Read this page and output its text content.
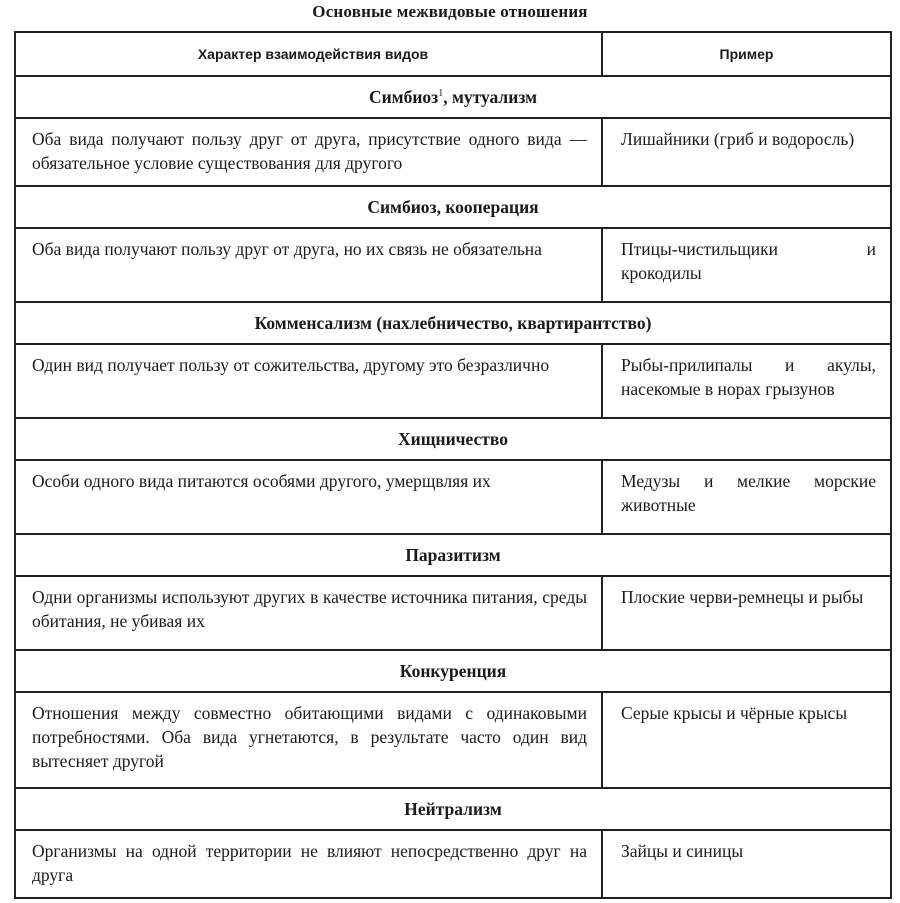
Основные межвидовые отношения
Характер взаимодействия видов	Пример
Симбиоз$^1$, мутуализм	
Оба вида получают пользу друг от друга, присутствие одного вида — обязательное условие существования для другого	Лишайники (гриб и водоросль)
Симбиоз, кооперация	
Оба вида получают пользу друг от друга, но их связь не обязательна	Птицы-чистильщики и крокодилы
Комменсализм (нахлебничество, квартирантство)	
Один вид получает пользу от сожительства, другому это безразлично	Рыбы-прилипалы и акулы, насекомые в норах грызунов
Хищничество	
Особи одного вида питаются особями другого, умерщвляя их	Медузы и мелкие морские животные
Паразитизм	
Одни организмы используют других в качестве источника питания, среды обитания, не убивая их	Плоские черви-ремнецы и рыбы
Конкуренция	
Отношения между совместно обитающими видами с одинаковыми потребностями. Оба вида угнетаются, в результате часто один вид вытесняет другой	Серые крысы и чёрные крысы
Нейтрализм	
Организмы на одной территории не влияют непосредственно друг на друга	Зайцы и синицы
